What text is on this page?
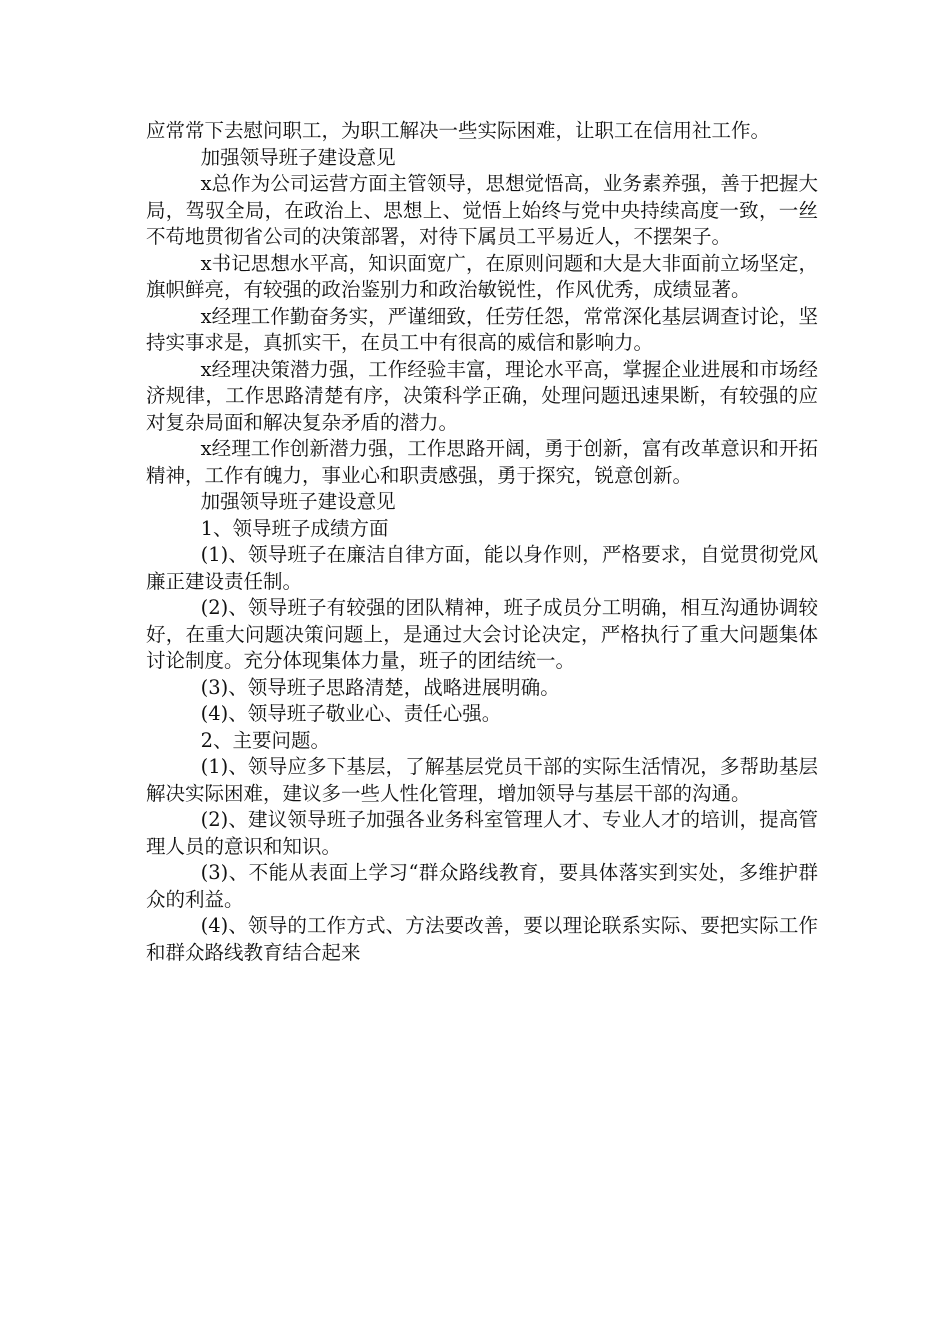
应常常下去慰问职工，为职工解决一些实际困难，让职工在信用社工作。

加强领导班子建设意见

x总作为公司运营方面主管领导，思想觉悟高，业务素养强，善于把握大局，驾驭全局，在政治上、思想上、觉悟上始终与党中央持续高度一致，一丝不苟地贯彻省公司的决策部署，对待下属员工平易近人，不摆架子。

x书记思想水平高，知识面宽广，在原则问题和大是大非面前立场坚定，旗帜鲜亮，有较强的政治鉴别力和政治敏锐性，作风优秀，成绩显著。

x经理工作勤奋务实，严谨细致，任劳任怨，常常深化基层调查讨论，坚持实事求是，真抓实干，在员工中有很高的威信和影响力。

x经理决策潜力强，工作经验丰富，理论水平高，掌握企业进展和市场经济规律，工作思路清楚有序，决策科学正确，处理问题迅速果断，有较强的应对复杂局面和解决复杂矛盾的潜力。

x经理工作创新潜力强，工作思路开阔，勇于创新，富有改革意识和开拓精神，工作有魄力，事业心和职责感强，勇于探究，锐意创新。

加强领导班子建设意见

1、领导班子成绩方面

(1)、领导班子在廉洁自律方面，能以身作则，严格要求，自觉贯彻党风廉正建设责任制。

(2)、领导班子有较强的团队精神，班子成员分工明确，相互沟通协调较好，在重大问题决策问题上，是通过大会讨论决定，严格执行了重大问题集体讨论制度。充分体现集体力量，班子的团结统一。

(3)、领导班子思路清楚，战略进展明确。

(4)、领导班子敬业心、责任心强。

2、主要问题。

(1)、领导应多下基层，了解基层党员干部的实际生活情况，多帮助基层解决实际困难，建议多一些人性化管理，增加领导与基层干部的沟通。

(2)、建议领导班子加强各业务科室管理人才、专业人才的培训，提高管理人员的意识和知识。

(3)、不能从表面上学习“群众路线教育，要具体落实到实处，多维护群众的利益。

(4)、领导的工作方式、方法要改善，要以理论联系实际、要把实际工作和群众路线教育结合起来
